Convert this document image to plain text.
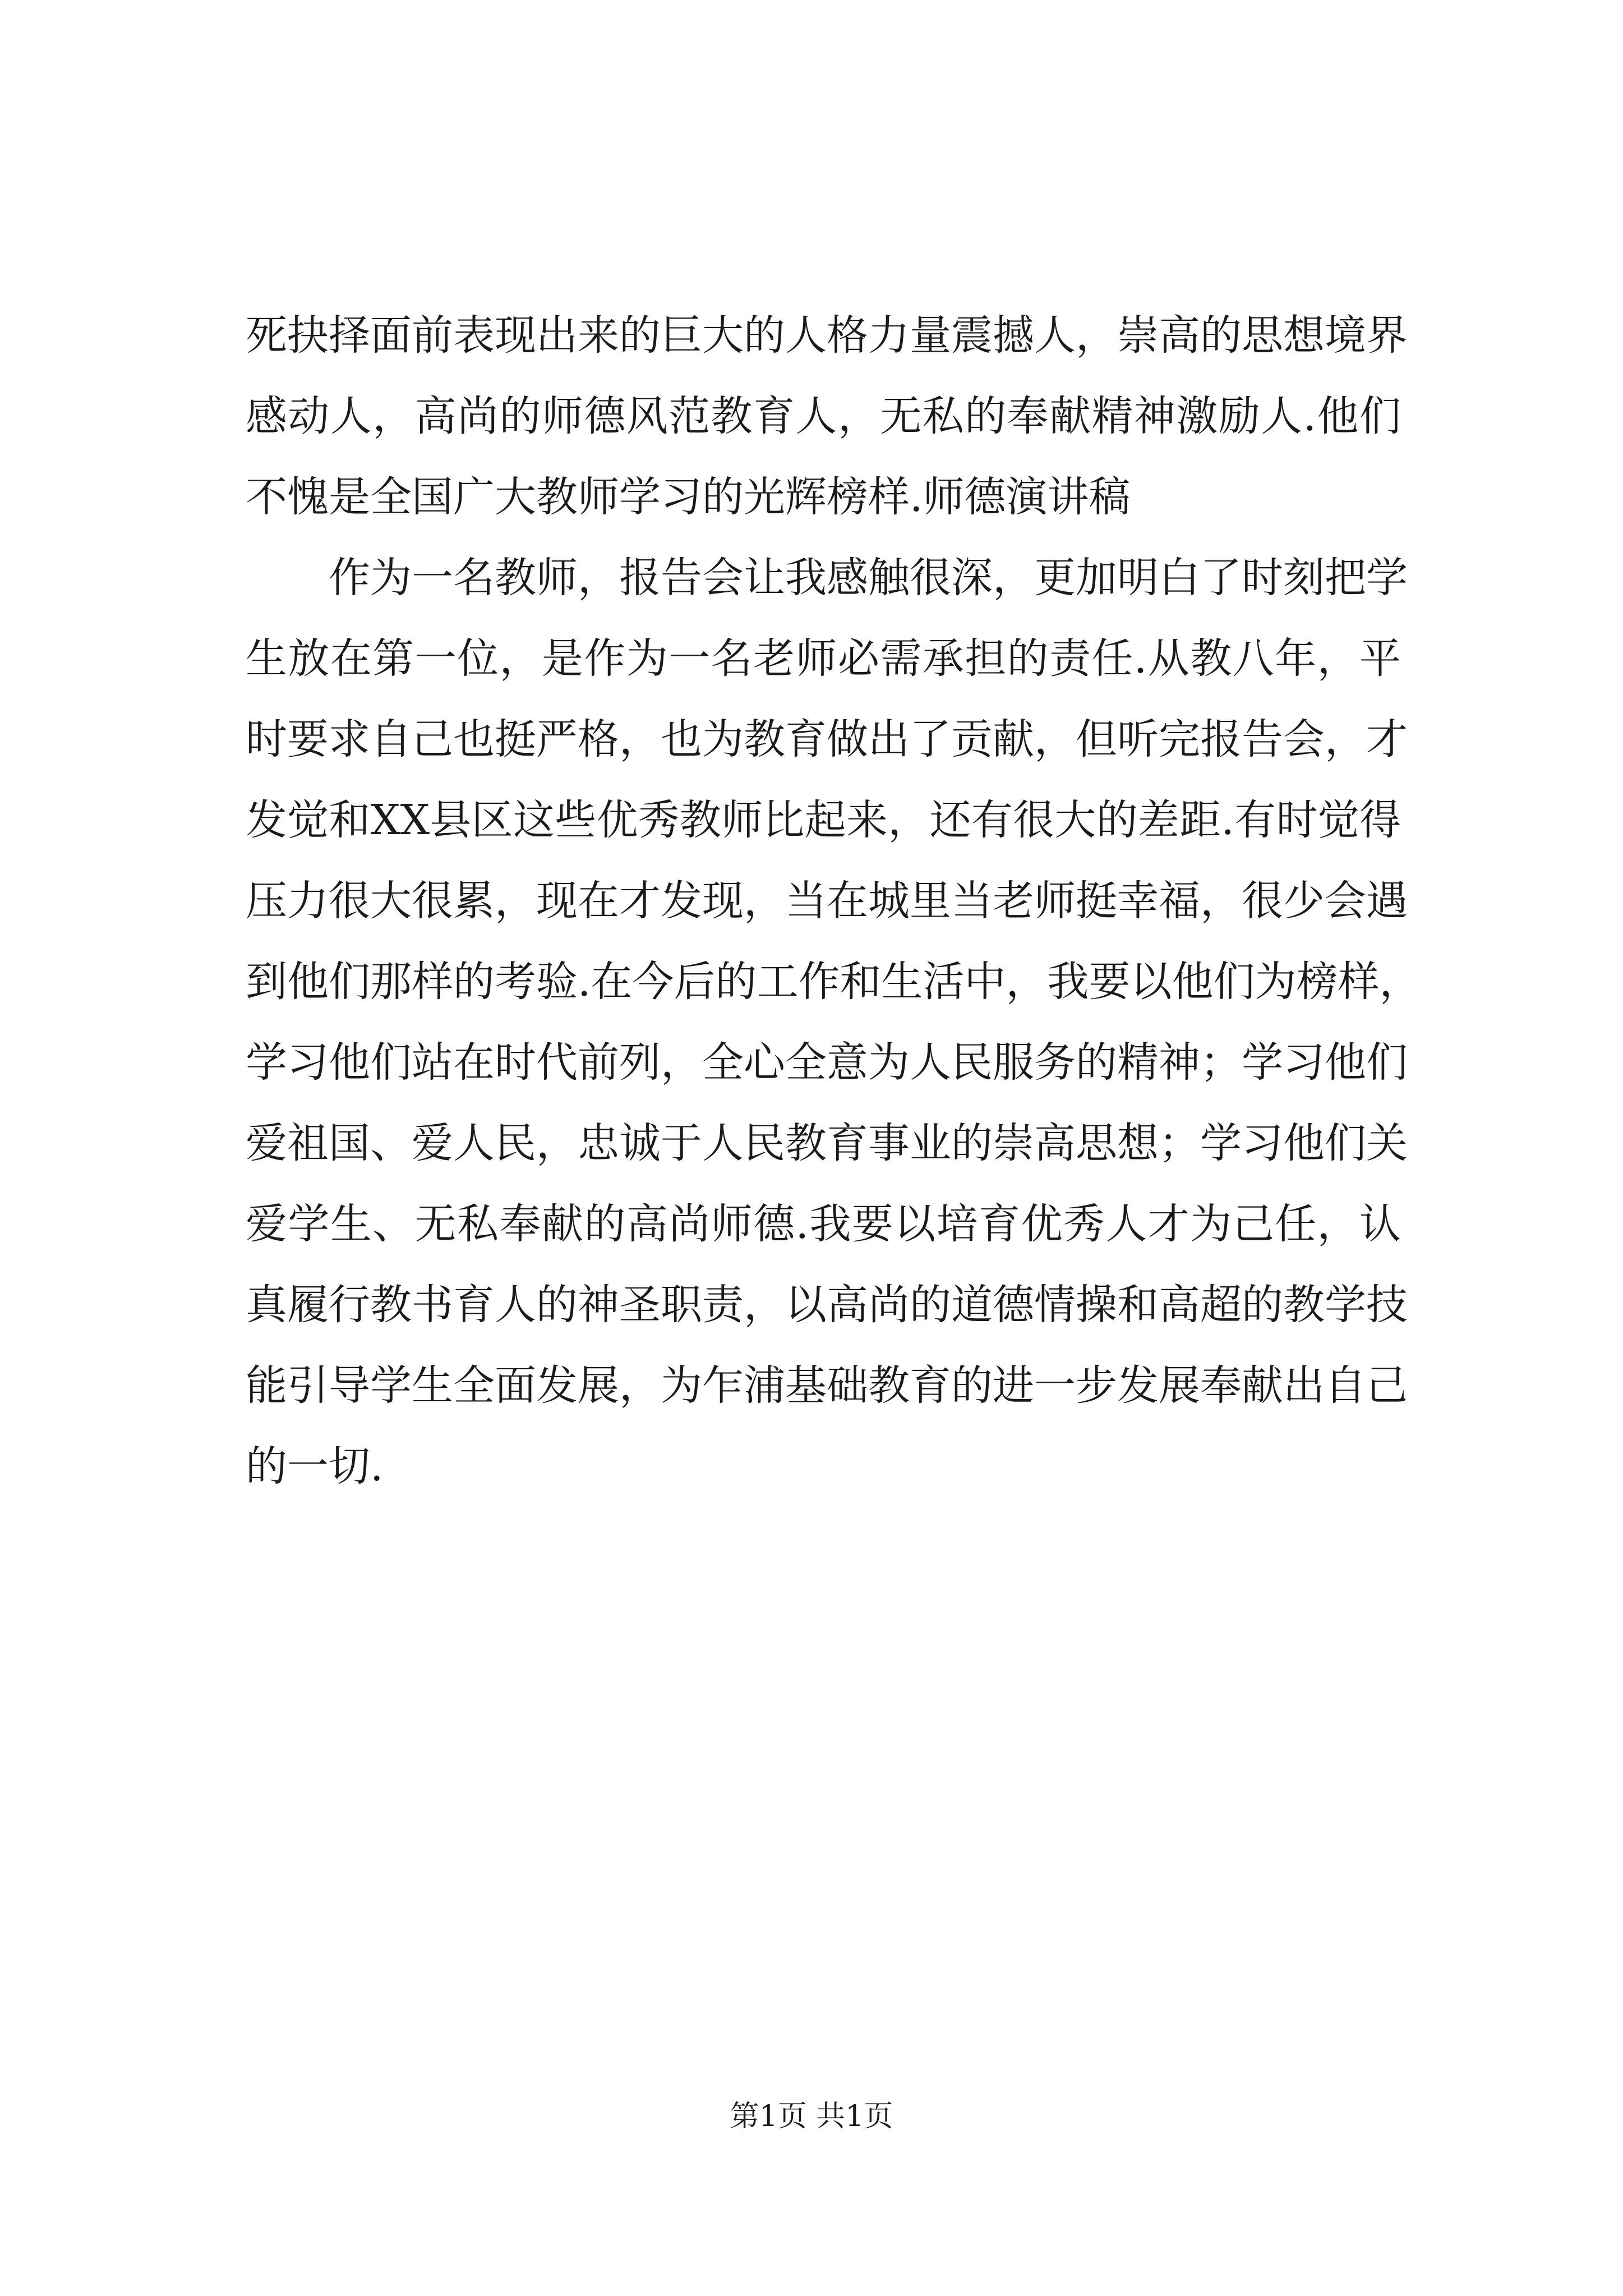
死抉择面前表现出来的巨大的人格力量震撼人，崇高的思想境界
感动人，高尚的师德风范教育人，无私的奉献精神激励人.他们
不愧是全国广大教师学习的光辉榜样.师德演讲稿
作为一名教师，报告会让我感触很深，更加明白了时刻把学
生放在第一位，是作为一名老师必需承担的责任.从教八年，平
时要求自己也挺严格，也为教育做出了贡献，但听完报告会，才
发觉和XX县区这些优秀教师比起来，还有很大的差距.有时觉得
压力很大很累，现在才发现，当在城里当老师挺幸福，很少会遇
到他们那样的考验.在今后的工作和生活中，我要以他们为榜样，
学习他们站在时代前列，全心全意为人民服务的精神；学习他们
爱祖国、爱人民，忠诚于人民教育事业的崇高思想；学习他们关
爱学生、无私奉献的高尚师德.我要以培育优秀人才为己任，认
真履行教书育人的神圣职责，以高尚的道德情操和高超的教学技
能引导学生全面发展，为乍浦基础教育的进一步发展奉献出自己
的一切.
第1页 共1页
